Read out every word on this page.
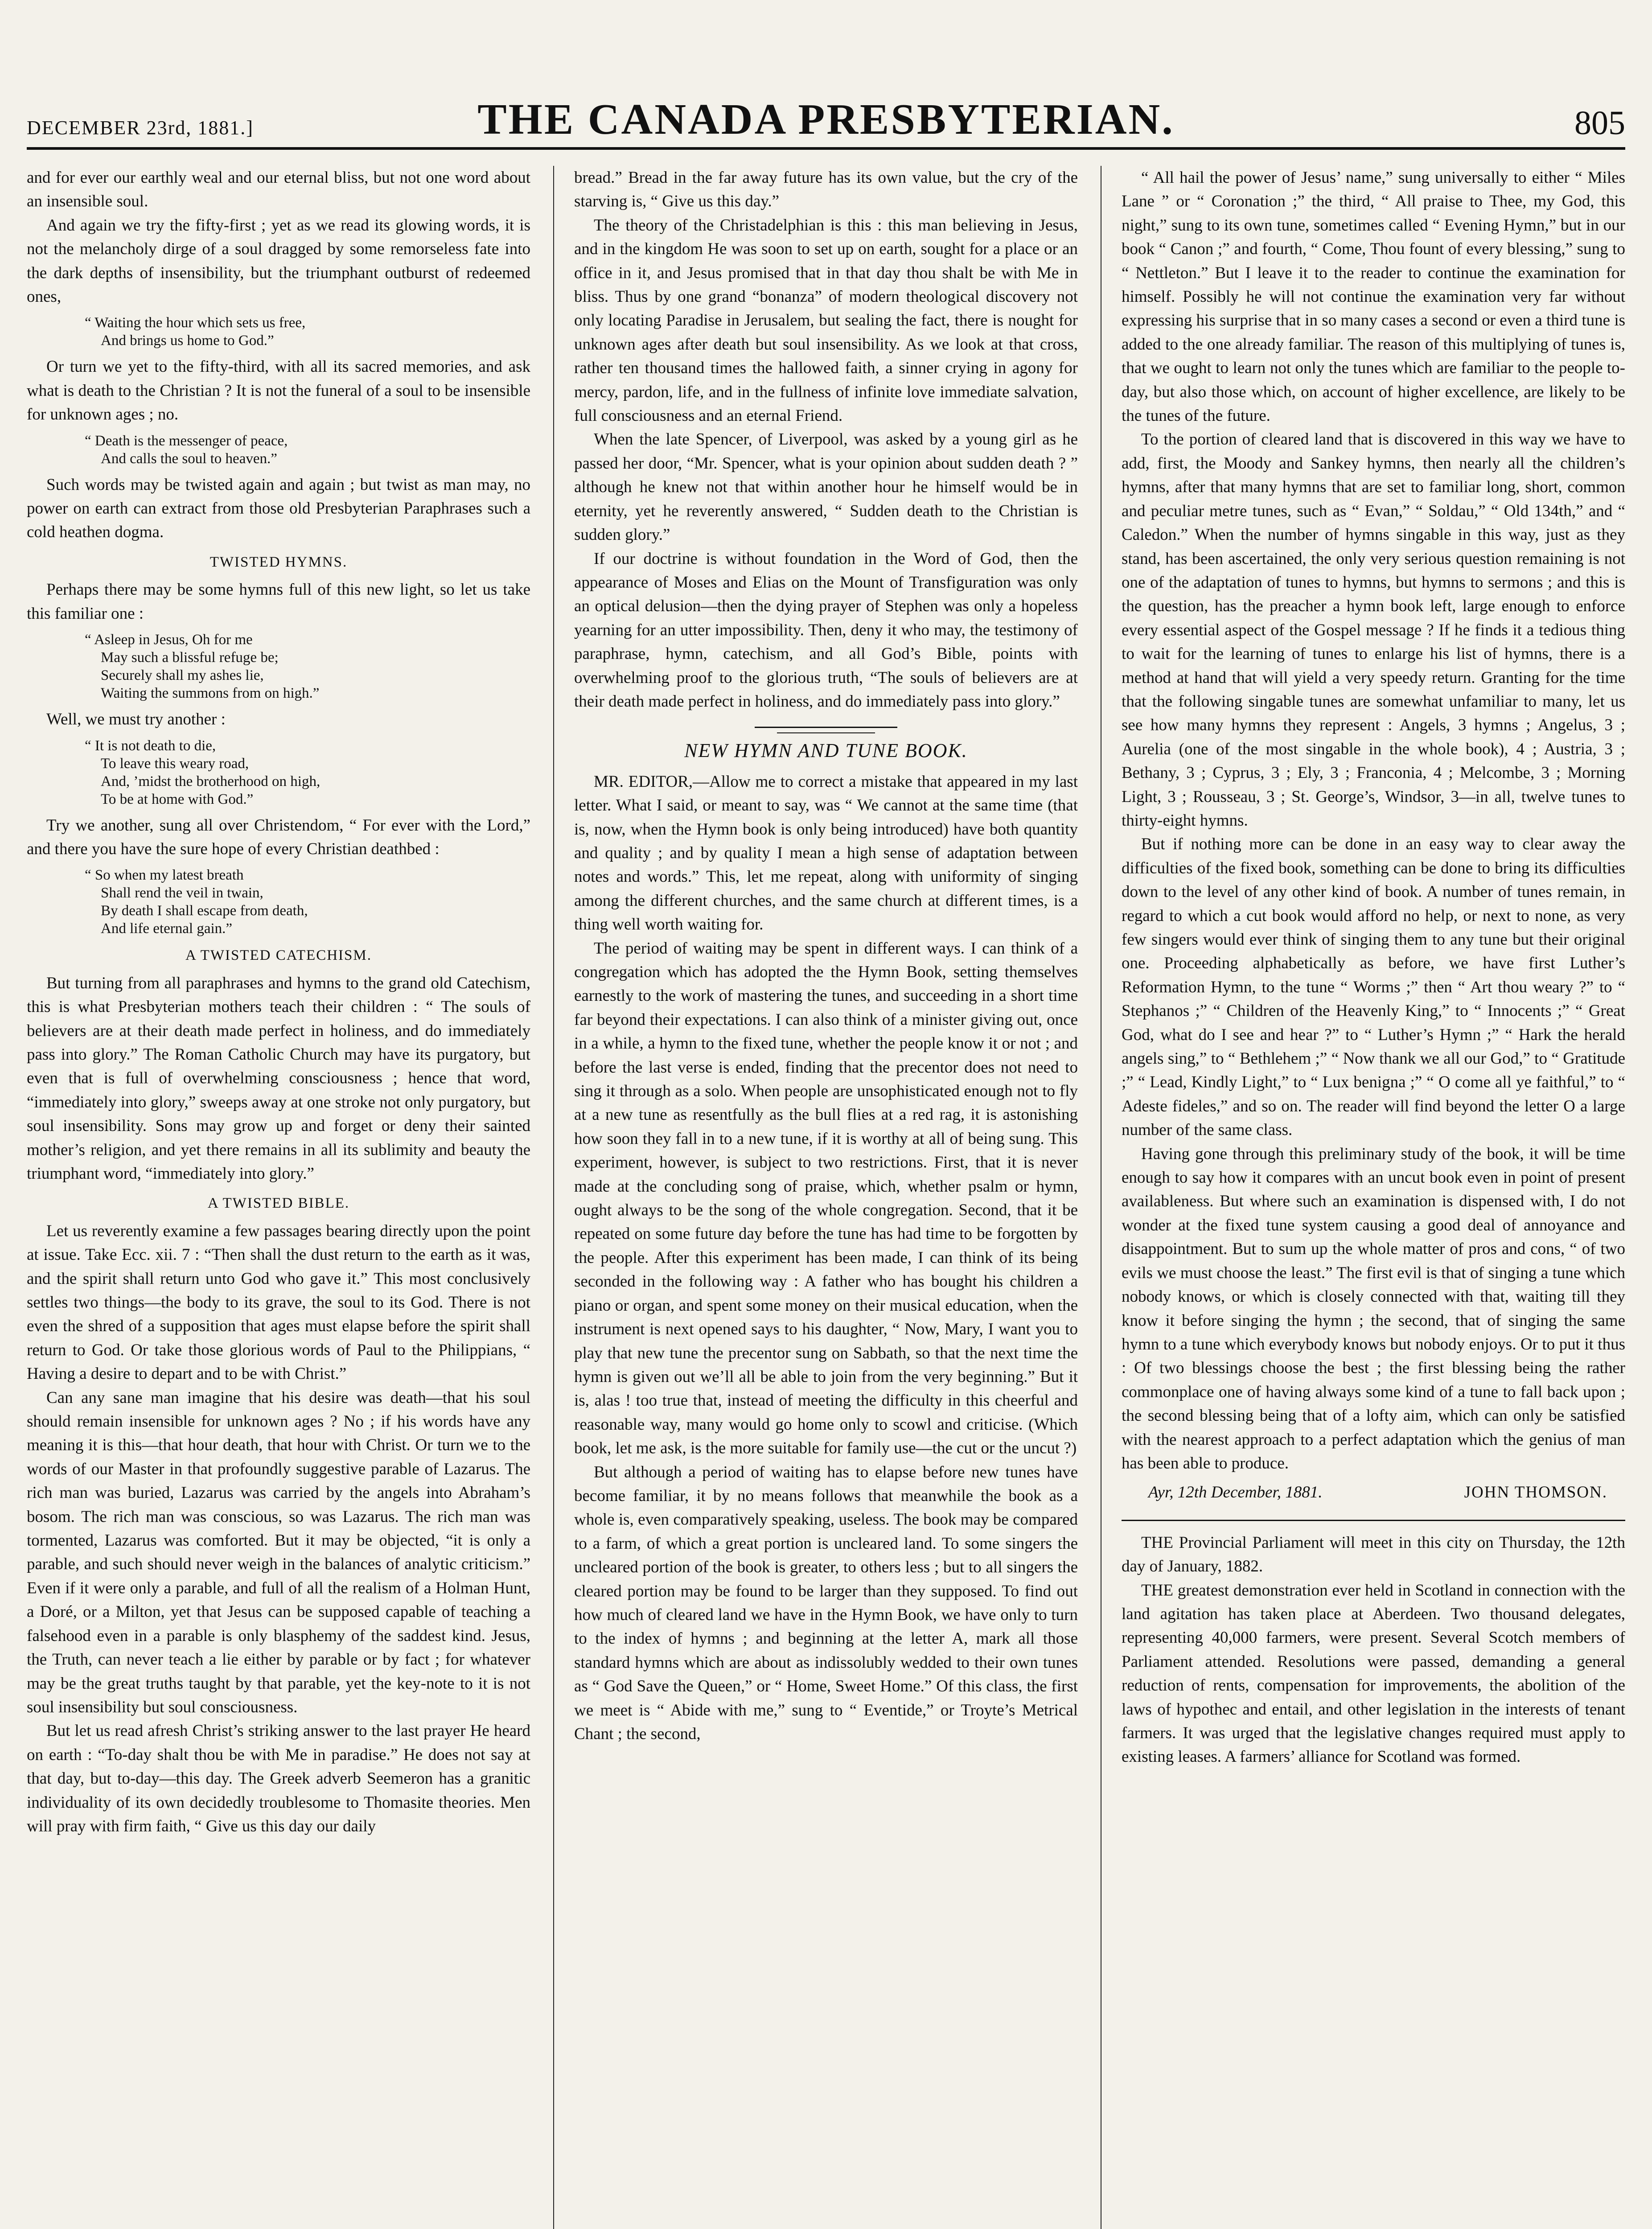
DECEMBER 23rd, 1881.]	THE CANADA PRESBYTERIAN.	805

and for ever our earthly weal and our eternal bliss, but not one word about an insensible soul.

And again we try the fifty-first ; yet as we read its glowing words, it is not the melancholy dirge of a soul dragged by some remorseless fate into the dark depths of insensibility, but the triumphant outburst of redeemed ones,

“ Waiting the hour which sets us free,
And brings us home to God.”

Or turn we yet to the fifty-third, with all its sacred memories, and ask what is death to the Christian ? It is not the funeral of a soul to be insensible for unknown ages ; no.

“ Death is the messenger of peace,
And calls the soul to heaven.”

Such words may be twisted again and again ; but twist as man may, no power on earth can extract from those old Presbyterian Paraphrases such a cold heathen dogma.

TWISTED HYMNS.

Perhaps there may be some hymns full of this new light, so let us take this familiar one :

“ Asleep in Jesus, Oh for me
May such a blissful refuge be;
Securely shall my ashes lie,
Waiting the summons from on high.”

Well, we must try another :

“ It is not death to die,
To leave this weary road,
And, ’midst the brotherhood on high,
To be at home with God.”

Try we another, sung all over Christendom, “ For ever with the Lord,” and there you have the sure hope of every Christian deathbed :

“ So when my latest breath
Shall rend the veil in twain,
By death I shall escape from death,
And life eternal gain.”
A TWISTED CATECHISM.

But turning from all paraphrases and hymns to the grand old Catechism, this is what Presbyterian mothers teach their children : “ The souls of believers are at their death made perfect in holiness, and do immediately pass into glory.” The Roman Catholic Church may have its purgatory, but even that is full of overwhelming consciousness ; hence that word, “immediately into glory,” sweeps away at one stroke not only purgatory, but soul insensibility. Sons may grow up and forget or deny their sainted mother’s religion, and yet there remains in all its sublimity and beauty the triumphant word, “immediately into glory.”

A TWISTED BIBLE.

Let us reverently examine a few passages bearing directly upon the point at issue. Take Ecc. xii. 7 : “Then shall the dust return to the earth as it was, and the spirit shall return unto God who gave it.” This most conclusively settles two things—the body to its grave, the soul to its God. There is not even the shred of a supposition that ages must elapse before the spirit shall return to God. Or take those glorious words of Paul to the Philippians, “ Having a desire to depart and to be with Christ.”

Can any sane man imagine that his desire was death—that his soul should remain insensible for unknown ages ? No ; if his words have any meaning it is this—that hour death, that hour with Christ. Or turn we to the words of our Master in that profoundly suggestive parable of Lazarus. The rich man was buried, Lazarus was carried by the angels into Abraham’s bosom. The rich man was conscious, so was Lazarus. The rich man was tormented, Lazarus was comforted. But it may be objected, “it is only a parable, and such should never weigh in the balances of analytic criticism.” Even if it were only a parable, and full of all the realism of a Holman Hunt, a Doré, or a Milton, yet that Jesus can be supposed capable of teaching a falsehood even in a parable is only blasphemy of the saddest kind. Jesus, the Truth, can never teach a lie either by parable or by fact ; for whatever may be the great truths taught by that parable, yet the key-note to it is not soul insensibility but soul consciousness.

But let us read afresh Christ’s striking answer to the last prayer He heard on earth : “To-day shalt thou be with Me in paradise.” He does not say at that day, but to-day—this day. The Greek adverb Seemeron has a granitic individuality of its own decidedly troublesome to Thomasite theories. Men will pray with firm faith, “ Give us this day our daily

bread.” Bread in the far away future has its own value, but the cry of the starving is, “ Give us this day.”

The theory of the Christadelphian is this : this man believing in Jesus, and in the kingdom He was soon to set up on earth, sought for a place or an office in it, and Jesus promised that in that day thou shalt be with Me in bliss. Thus by one grand “bonanza” of modern theological discovery not only locating Paradise in Jerusalem, but sealing the fact, there is nought for unknown ages after death but soul insensibility. As we look at that cross, rather ten thousand times the hallowed faith, a sinner crying in agony for mercy, pardon, life, and in the fullness of infinite love immediate salvation, full consciousness and an eternal Friend.

When the late Spencer, of Liverpool, was asked by a young girl as he passed her door, “Mr. Spencer, what is your opinion about sudden death ? ” although he knew not that within another hour he himself would be in eternity, yet he reverently answered, “ Sudden death to the Christian is sudden glory.”

If our doctrine is without foundation in the Word of God, then the appearance of Moses and Elias on the Mount of Transfiguration was only an optical delusion—then the dying prayer of Stephen was only a hopeless yearning for an utter impossibility. Then, deny it who may, the testimony of paraphrase, hymn, catechism, and all God’s Bible, points with overwhelming proof to the glorious truth, “The souls of believers are at their death made perfect in holiness, and do immediately pass into glory.”

NEW HYMN AND TUNE BOOK.

MR. EDITOR,—Allow me to correct a mistake that appeared in my last letter. What I said, or meant to say, was “ We cannot at the same time (that is, now, when the Hymn book is only being introduced) have both quantity and quality ; and by quality I mean a high sense of adaptation between notes and words.” This, let me repeat, along with uniformity of singing among the different churches, and the same church at different times, is a thing well worth waiting for.

The period of waiting may be spent in different ways. I can think of a congregation which has adopted the the Hymn Book, setting themselves earnestly to the work of mastering the tunes, and succeeding in a short time far beyond their expectations. I can also think of a minister giving out, once in a while, a hymn to the fixed tune, whether the people know it or not ; and before the last verse is ended, finding that the precentor does not need to sing it through as a solo. When people are unsophisticated enough not to fly at a new tune as resentfully as the bull flies at a red rag, it is astonishing how soon they fall in to a new tune, if it is worthy at all of being sung. This experiment, however, is subject to two restrictions. First, that it is never made at the concluding song of praise, which, whether psalm or hymn, ought always to be the song of the whole congregation. Second, that it be repeated on some future day before the tune has had time to be forgotten by the people. After this experiment has been made, I can think of its being seconded in the following way : A father who has bought his children a piano or organ, and spent some money on their musical education, when the instrument is next opened says to his daughter, “ Now, Mary, I want you to play that new tune the precentor sung on Sabbath, so that the next time the hymn is given out we’ll all be able to join from the very beginning.” But it is, alas ! too true that, instead of meeting the difficulty in this cheerful and reasonable way, many would go home only to scowl and criticise. (Which book, let me ask, is the more suitable for family use—the cut or the uncut ?)

But although a period of waiting has to elapse before new tunes have become familiar, it by no means follows that meanwhile the book as a whole is, even comparatively speaking, useless. The book may be compared to a farm, of which a great portion is uncleared land. To some singers the uncleared portion of the book is greater, to others less ; but to all singers the cleared portion may be found to be larger than they supposed. To find out how much of cleared land we have in the Hymn Book, we have only to turn to the index of hymns ; and beginning at the letter A, mark all those standard hymns which are about as indissolubly wedded to their own tunes as “ God Save the Queen,” or “ Home, Sweet Home.” Of this class, the first we meet is “ Abide with me,” sung to “ Eventide,” or Troyte’s Metrical Chant ; the second,

“ All hail the power of Jesus’ name,” sung universally to either “ Miles Lane ” or “ Coronation ;” the third, “ All praise to Thee, my God, this night,” sung to its own tune, sometimes called “ Evening Hymn,” but in our book “ Canon ;” and fourth, “ Come, Thou fount of every blessing,” sung to “ Nettleton.” But I leave it to the reader to continue the examination for himself. Possibly he will not continue the examination very far without expressing his surprise that in so many cases a second or even a third tune is added to the one already familiar. The reason of this multiplying of tunes is, that we ought to learn not only the tunes which are familiar to the people to-day, but also those which, on account of higher excellence, are likely to be the tunes of the future.

To the portion of cleared land that is discovered in this way we have to add, first, the Moody and Sankey hymns, then nearly all the children’s hymns, after that many hymns that are set to familiar long, short, common and peculiar metre tunes, such as “ Evan,” “ Soldau,” “ Old 134th,” and “ Caledon.” When the number of hymns singable in this way, just as they stand, has been ascertained, the only very serious question remaining is not one of the adaptation of tunes to hymns, but hymns to sermons ; and this is the question, has the preacher a hymn book left, large enough to enforce every essential aspect of the Gospel message ? If he finds it a tedious thing to wait for the learning of tunes to enlarge his list of hymns, there is a method at hand that will yield a very speedy return. Granting for the time that the following singable tunes are somewhat unfamiliar to many, let us see how many hymns they represent : Angels, 3 hymns ; Angelus, 3 ; Aurelia (one of the most singable in the whole book), 4 ; Austria, 3 ; Bethany, 3 ; Cyprus, 3 ; Ely, 3 ; Franconia, 4 ; Melcombe, 3 ; Morning Light, 3 ; Rousseau, 3 ; St. George’s, Windsor, 3—in all, twelve tunes to thirty-eight hymns.

But if nothing more can be done in an easy way to clear away the difficulties of the fixed book, something can be done to bring its difficulties down to the level of any other kind of book. A number of tunes remain, in regard to which a cut book would afford no help, or next to none, as very few singers would ever think of singing them to any tune but their original one. Proceeding alphabetically as before, we have first Luther’s Reformation Hymn, to the tune “ Worms ;” then “ Art thou weary ?” to “ Stephanos ;” “ Children of the Heavenly King,” to “ Innocents ;” “ Great God, what do I see and hear ?” to “ Luther’s Hymn ;” “ Hark the herald angels sing,” to “ Bethlehem ;” “ Now thank we all our God,” to “ Gratitude ;” “ Lead, Kindly Light,” to “ Lux benigna ;” “ O come all ye faithful,” to “ Adeste fideles,” and so on. The reader will find beyond the letter O a large number of the same class.

Having gone through this preliminary study of the book, it will be time enough to say how it compares with an uncut book even in point of present availableness. But where such an examination is dispensed with, I do not wonder at the fixed tune system causing a good deal of annoyance and disappointment. But to sum up the whole matter of pros and cons, “ of two evils we must choose the least.” The first evil is that of singing a tune which nobody knows, or which is closely connected with that, waiting till they know it before singing the hymn ; the second, that of singing the same hymn to a tune which everybody knows but nobody enjoys. Or to put it thus : Of two blessings choose the best ; the first blessing being the rather commonplace one of having always some kind of a tune to fall back upon ; the second blessing being that of a lofty aim, which can only be satisfied with the nearest approach to a perfect adaptation which the genius of man has been able to produce.

Ayr, 12th December, 1881.	JOHN THOMSON.

THE Provincial Parliament will meet in this city on Thursday, the 12th day of January, 1882.

THE greatest demonstration ever held in Scotland in connection with the land agitation has taken place at Aberdeen. Two thousand delegates, representing 40,000 farmers, were present. Several Scotch members of Parliament attended. Resolutions were passed, demanding a general reduction of rents, compensation for improvements, the abolition of the laws of hypothec and entail, and other legislation in the interests of tenant farmers. It was urged that the legislative changes required must apply to existing leases. A farmers’ alliance for Scotland was formed.
